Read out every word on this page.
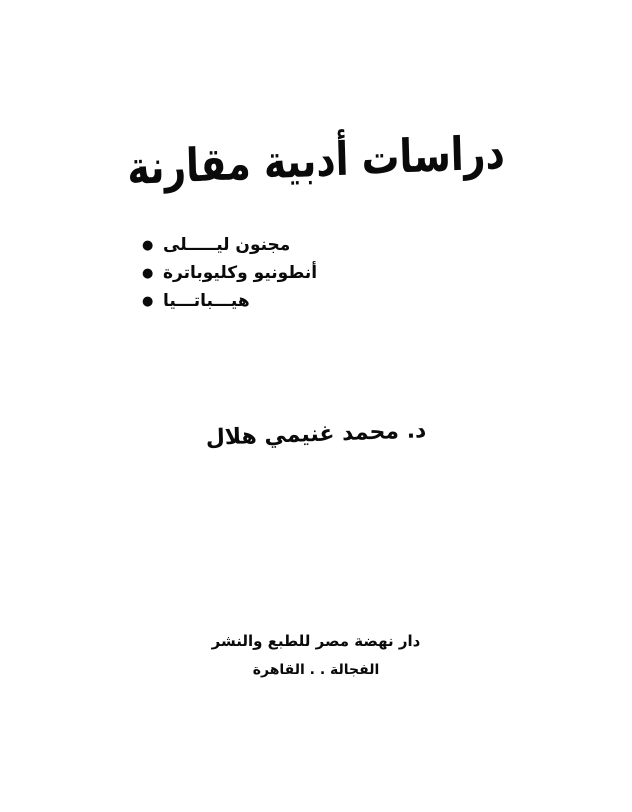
دراسات أدبية مقارنة
● مجنون ليـــــلى
● أنطونيو وكليوباترة
● هيـــباتـــيا
د. محمد غنيمي هلال
دار نهضة مصر للطبع والنشر
الفجالة . . القاهرة
